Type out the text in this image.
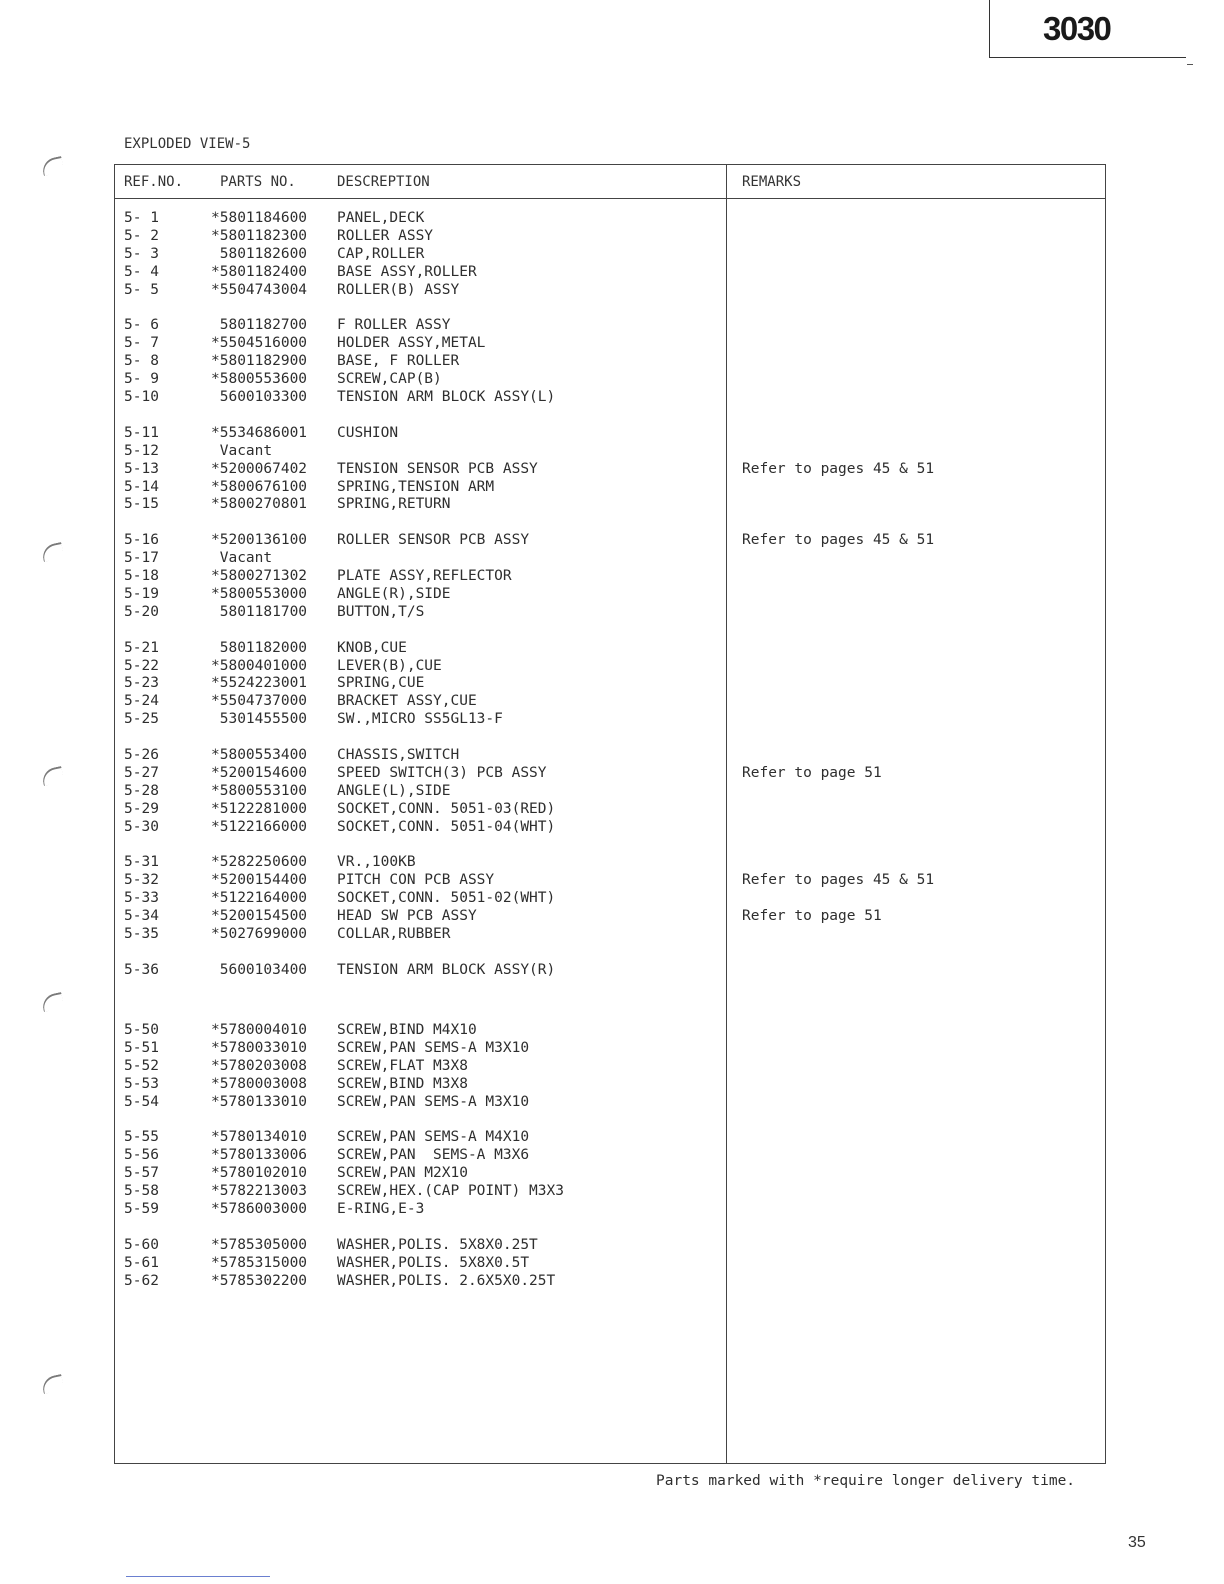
3030
EXPLODED VIEW-5
REF.NO.	PARTS NO.	DESCREPTION	REMARKS
5- 1	*5801184600 PANEL,DECK
5- 2	*5801182300 ROLLER ASSY
5- 3	5801182600 CAP,ROLLER
5- 4	*5801182400 BASE ASSY,ROLLER
5- 5	*5504743004 ROLLER(B) ASSY
5- 6	5801182700 F ROLLER ASSY
5- 7	*5504516000 HOLDER ASSY,METAL
5- 8	*5801182900 BASE, F ROLLER
5- 9	*5800553600 SCREW,CAP(B)
5-10	5600103300 TENSION ARM BLOCK ASSY(L)
5-11	*5534686001 CUSHION
5-12	Vacant
5-13	*5200067402 TENSION SENSOR PCB ASSY	Refer to pages 45 & 51
5-14	*5800676100 SPRING,TENSION ARM
5-15	*5800270801 SPRING,RETURN
5-16	*5200136100 ROLLER SENSOR PCB ASSY	Refer to pages 45 & 51
5-17	Vacant
5-18	*5800271302 PLATE ASSY,REFLECTOR
5-19	*5800553000 ANGLE(R),SIDE
5-20	5801181700 BUTTON,T/S
5-21	5801182000 KNOB,CUE
5-22	*5800401000 LEVER(B),CUE
5-23	*5524223001 SPRING,CUE
5-24	*5504737000 BRACKET ASSY,CUE
5-25	5301455500 SW.,MICRO SS5GL13-F
5-26	*5800553400 CHASSIS,SWITCH
5-27	*5200154600 SPEED SWITCH(3) PCB ASSY	Refer to page 51
5-28	*5800553100 ANGLE(L),SIDE
5-29	*5122281000 SOCKET,CONN. 5051-03(RED)
5-30	*5122166000 SOCKET,CONN. 5051-04(WHT)
5-31	*5282250600 VR.,100KB
5-32	*5200154400 PITCH CON PCB ASSY	Refer to pages 45 & 51
5-33	*5122164000 SOCKET,CONN. 5051-02(WHT)
5-34	*5200154500 HEAD SW PCB ASSY	Refer to page 51
5-35	*5027699000 COLLAR,RUBBER
5-36	5600103400 TENSION ARM BLOCK ASSY(R)
5-50	*5780004010 SCREW,BIND M4X10
5-51	*5780033010 SCREW,PAN SEMS-A M3X10
5-52	*5780203008 SCREW,FLAT M3X8
5-53	*5780003008 SCREW,BIND M3X8
5-54	*5780133010 SCREW,PAN SEMS-A M3X10
5-55	*5780134010 SCREW,PAN SEMS-A M4X10
5-56	*5780133006 SCREW,PAN  SEMS-A M3X6
5-57	*5780102010 SCREW,PAN M2X10
5-58	*5782213003 SCREW,HEX.(CAP POINT) M3X3
5-59	*5786003000 E-RING,E-3
5-60	*5785305000 WASHER,POLIS. 5X8X0.25T
5-61	*5785315000 WASHER,POLIS. 5X8X0.5T
5-62	*5785302200 WASHER,POLIS. 2.6X5X0.25T
Parts marked with *require longer delivery time.
35
